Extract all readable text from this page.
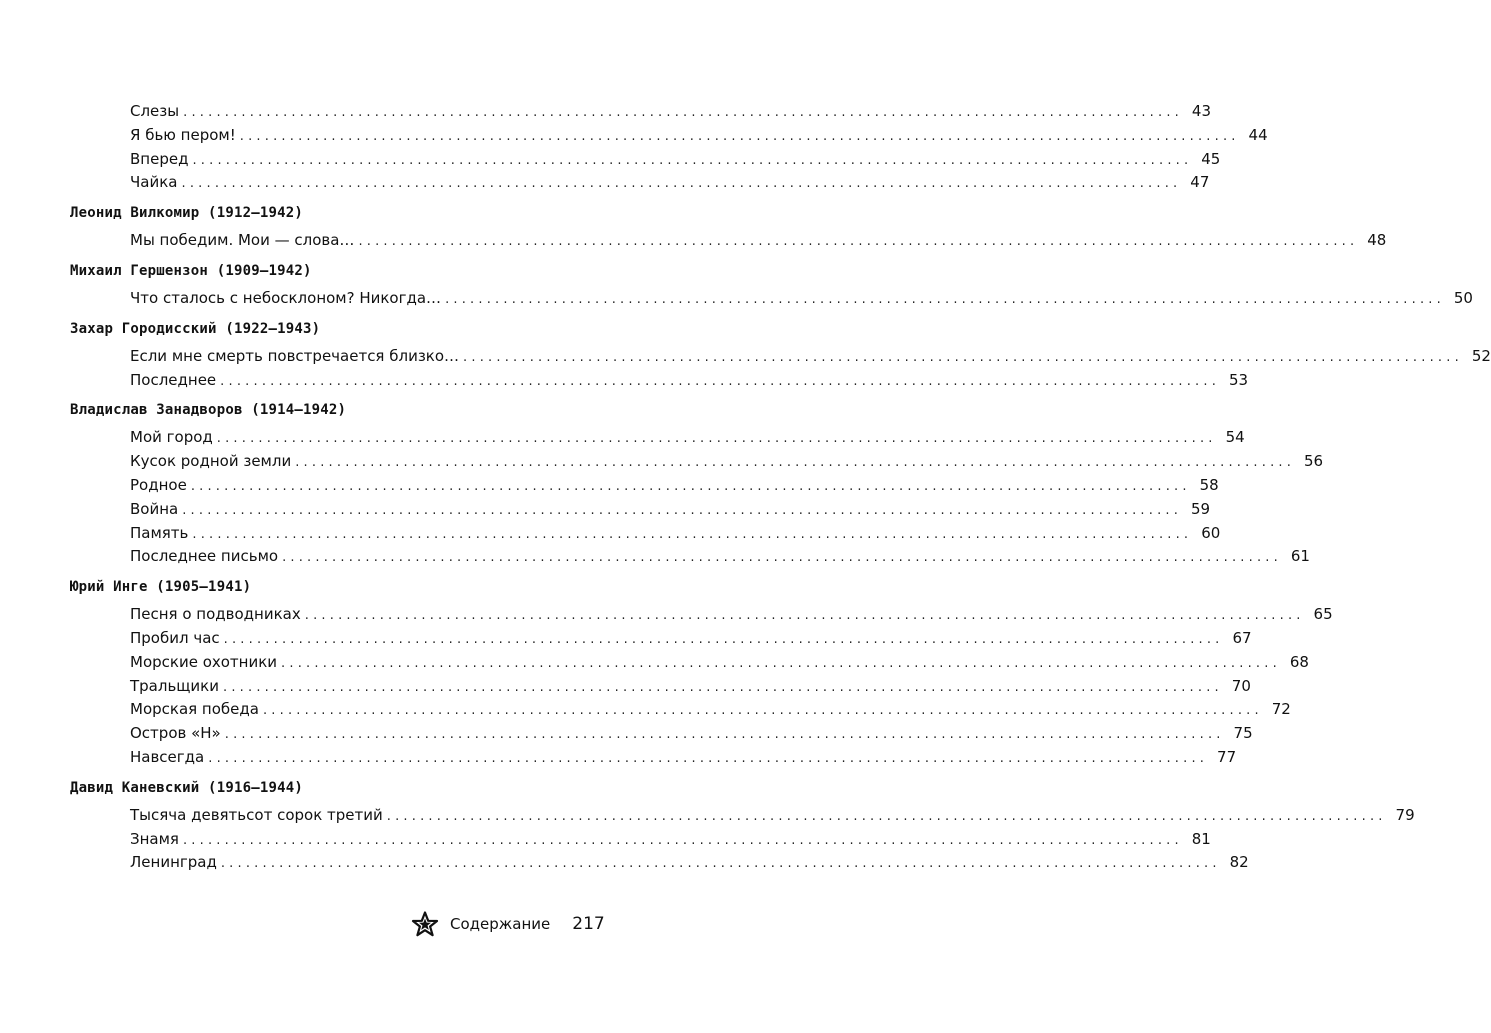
Слезы ........................................................................................................................ 43
Я бью пером! ........................................................................................................................ 44
Вперед ........................................................................................................................ 45
Чайка ........................................................................................................................ 47
Леонид Вилкомир (1912–1942)
Мы победим. Мои — слова… ........................................................................................................................ 48
Михаил Гершензон (1909–1942)
Что сталось с небосклоном? Никогда… ........................................................................................................................ 50
Захар Городисский (1922–1943)
Если мне смерть повстречается близко… ........................................................................................................................ 52
Последнее ........................................................................................................................ 53
Владислав Занадворов (1914–1942)
Мой город ........................................................................................................................ 54
Кусок родной земли ........................................................................................................................ 56
Родное ........................................................................................................................ 58
Война ........................................................................................................................ 59
Память ........................................................................................................................ 60
Последнее письмо ........................................................................................................................ 61
Юрий Инге (1905–1941)
Песня о подводниках ........................................................................................................................ 65
Пробил час ........................................................................................................................ 67
Морские охотники ........................................................................................................................ 68
Тральщики ........................................................................................................................ 70
Морская победа ........................................................................................................................ 72
Остров «Н» ........................................................................................................................ 75
Навсегда ........................................................................................................................ 77
Давид Каневский (1916–1944)
Тысяча девятьсот сорок третий ........................................................................................................................ 79
Знамя ........................................................................................................................ 81
Ленинград ........................................................................................................................ 82
Содержание 217
